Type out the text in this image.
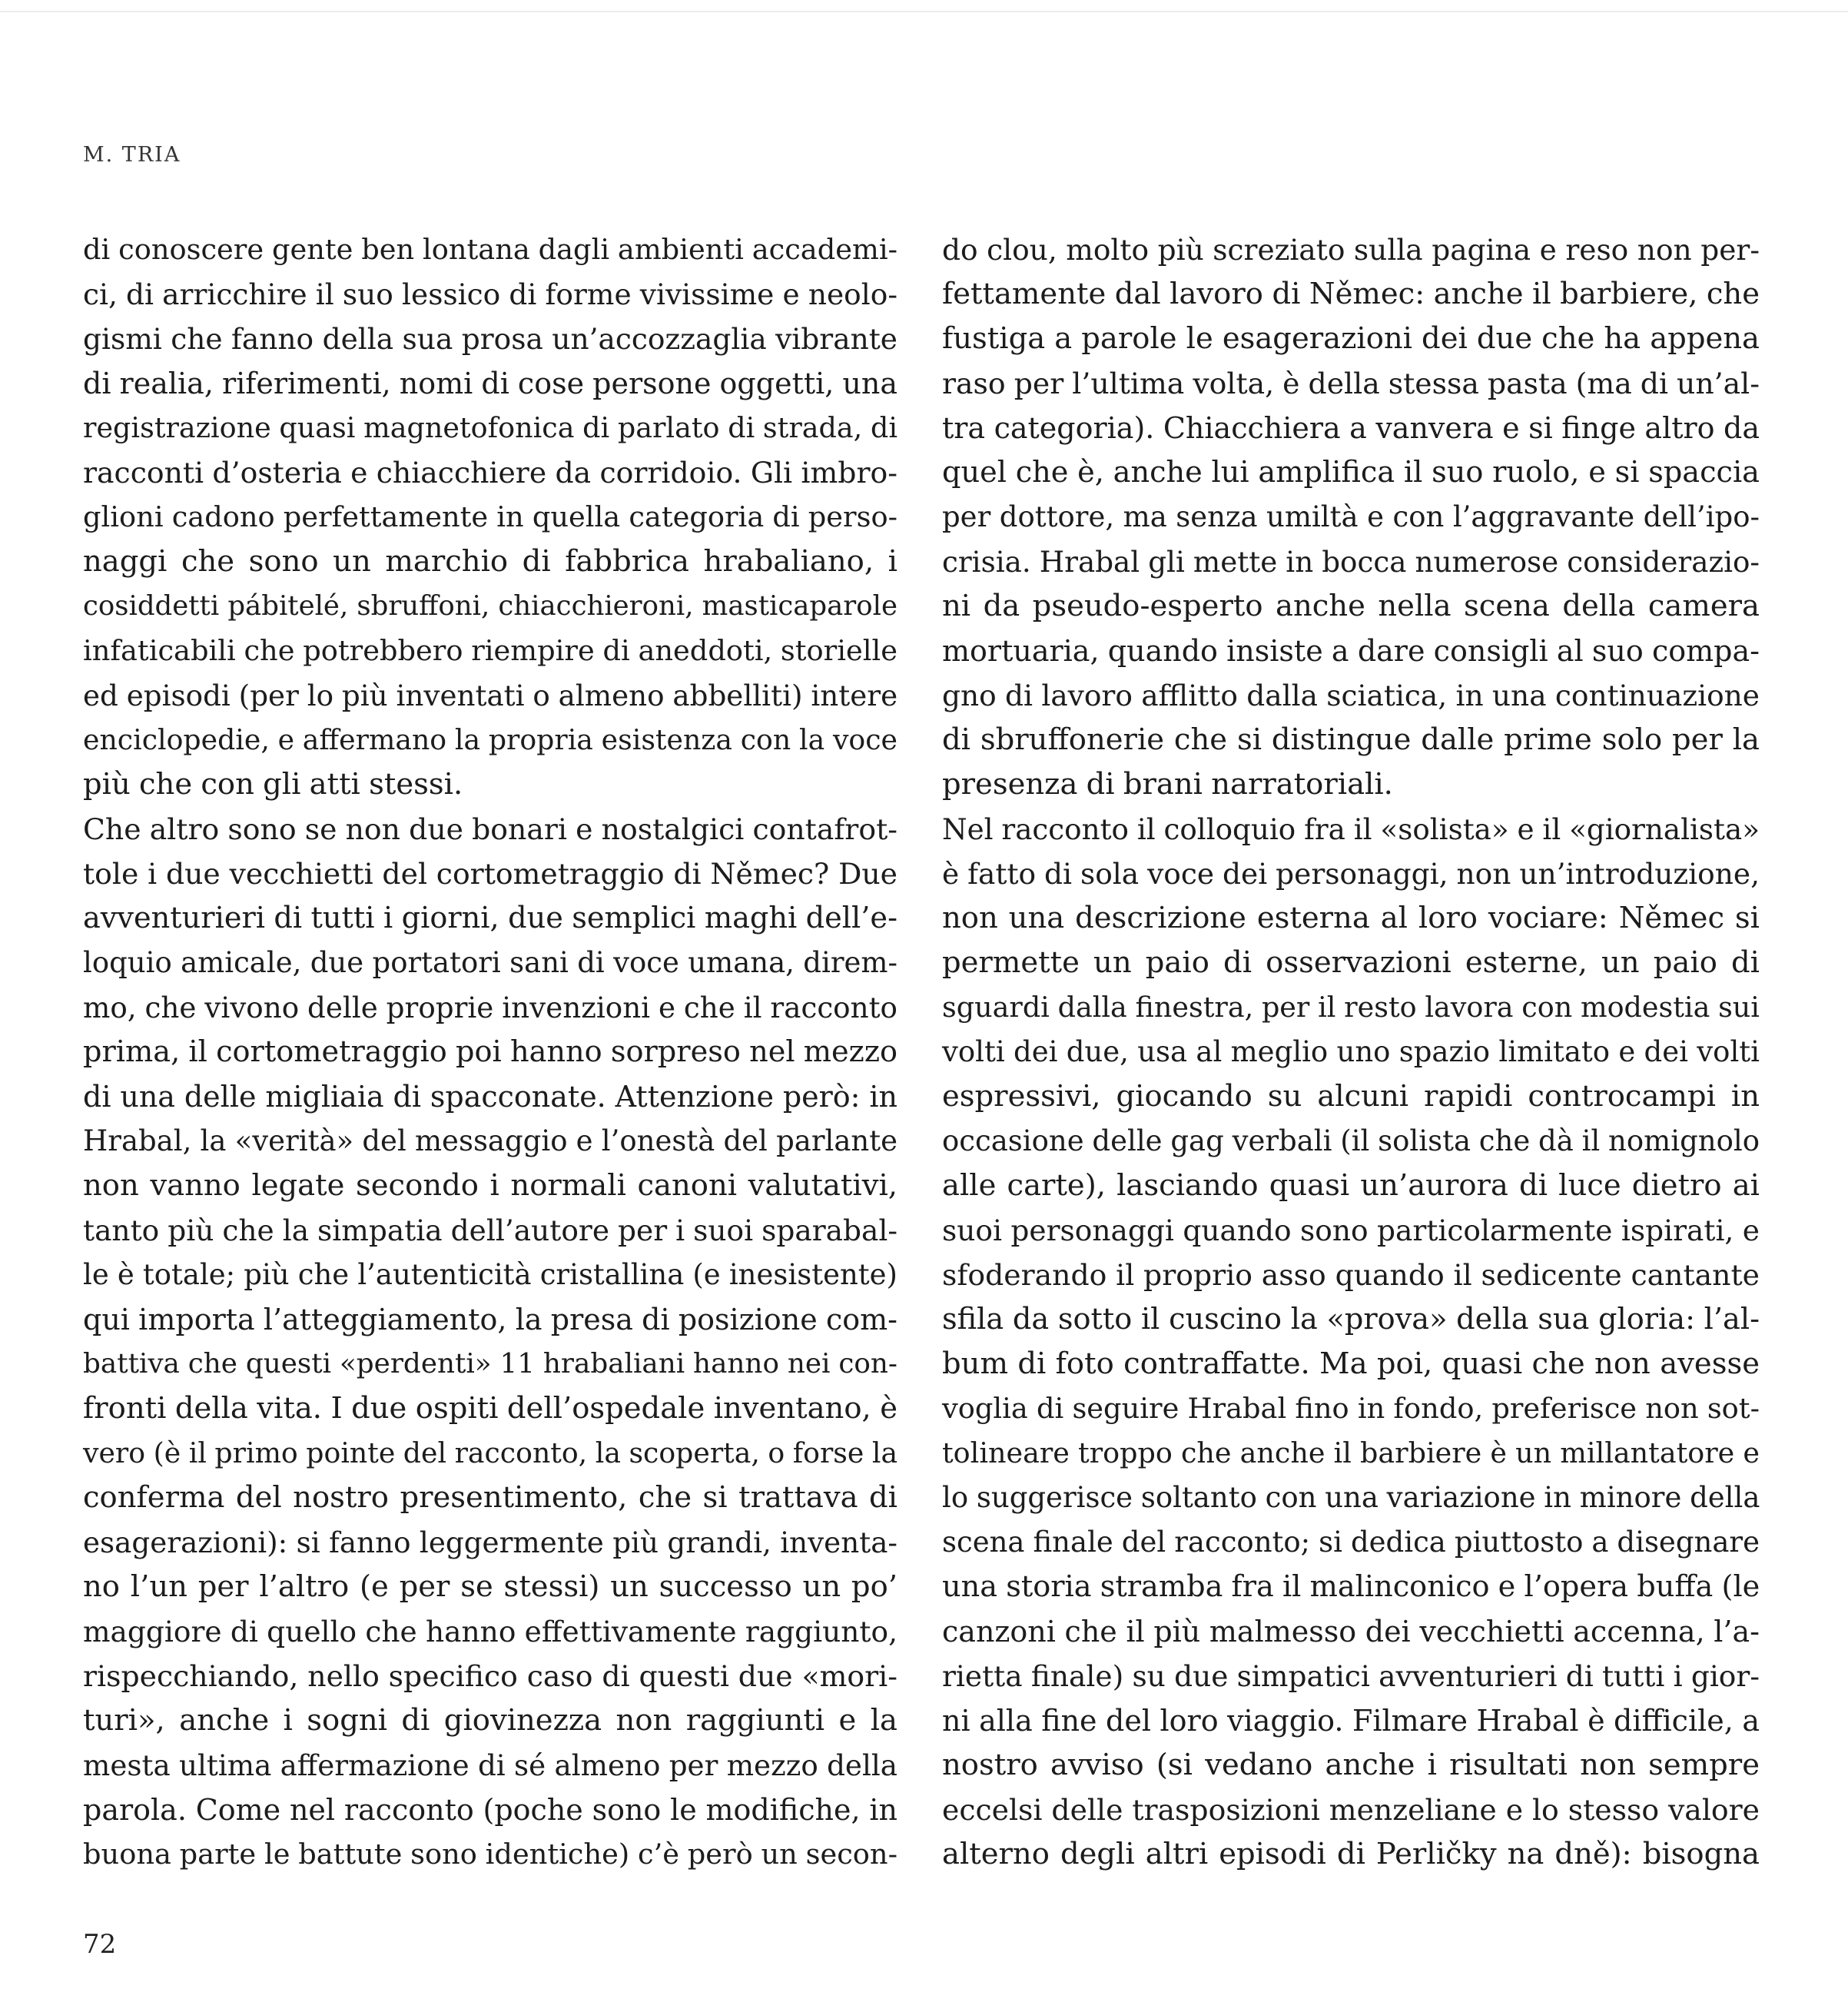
M. TRIA
di conoscere gente ben lontana dagli ambienti accademi-
ci, di arricchire il suo lessico di forme vivissime e neolo-
gismi che fanno della sua prosa un’accozzaglia vibrante
di realia, riferimenti, nomi di cose persone oggetti, una
registrazione quasi magnetofonica di parlato di strada, di
racconti d’osteria e chiacchiere da corridoio. Gli imbro-
glioni cadono perfettamente in quella categoria di perso-
naggi che sono un marchio di fabbrica hrabaliano, i
cosiddetti pábitelé, sbruffoni, chiacchieroni, masticaparole
infaticabili che potrebbero riempire di aneddoti, storielle
ed episodi (per lo più inventati o almeno abbelliti) intere
enciclopedie, e affermano la propria esistenza con la voce
più che con gli atti stessi.
Che altro sono se non due bonari e nostalgici contafrot-
tole i due vecchietti del cortometraggio di Němec? Due
avventurieri di tutti i giorni, due semplici maghi dell’e-
loquio amicale, due portatori sani di voce umana, direm-
mo, che vivono delle proprie invenzioni e che il racconto
prima, il cortometraggio poi hanno sorpreso nel mezzo
di una delle migliaia di spacconate. Attenzione però: in
Hrabal, la «verità» del messaggio e l’onestà del parlante
non vanno legate secondo i normali canoni valutativi,
tanto più che la simpatia dell’autore per i suoi sparabal-
le è totale; più che l’autenticità cristallina (e inesistente)
qui importa l’atteggiamento, la presa di posizione com-
battiva che questi «perdenti» 11 hrabaliani hanno nei con-
fronti della vita. I due ospiti dell’ospedale inventano, è
vero (è il primo pointe del racconto, la scoperta, o forse la
conferma del nostro presentimento, che si trattava di
esagerazioni): si fanno leggermente più grandi, inventa-
no l’un per l’altro (e per se stessi) un successo un po’
maggiore di quello che hanno effettivamente raggiunto,
rispecchiando, nello specifico caso di questi due «mori-
turi», anche i sogni di giovinezza non raggiunti e la
mesta ultima affermazione di sé almeno per mezzo della
parola. Come nel racconto (poche sono le modifiche, in
buona parte le battute sono identiche) c’è però un secon-
do clou, molto più screziato sulla pagina e reso non per-
fettamente dal lavoro di Němec: anche il barbiere, che
fustiga a parole le esagerazioni dei due che ha appena
raso per l’ultima volta, è della stessa pasta (ma di un’al-
tra categoria). Chiacchiera a vanvera e si finge altro da
quel che è, anche lui amplifica il suo ruolo, e si spaccia
per dottore, ma senza umiltà e con l’aggravante dell’ipo-
crisia. Hrabal gli mette in bocca numerose considerazio-
ni da pseudo-esperto anche nella scena della camera
mortuaria, quando insiste a dare consigli al suo compa-
gno di lavoro afflitto dalla sciatica, in una continuazione
di sbruffonerie che si distingue dalle prime solo per la
presenza di brani narratoriali.
Nel racconto il colloquio fra il «solista» e il «giornalista»
è fatto di sola voce dei personaggi, non un’introduzione,
non una descrizione esterna al loro vociare: Němec si
permette un paio di osservazioni esterne, un paio di
sguardi dalla finestra, per il resto lavora con modestia sui
volti dei due, usa al meglio uno spazio limitato e dei volti
espressivi, giocando su alcuni rapidi controcampi in
occasione delle gag verbali (il solista che dà il nomignolo
alle carte), lasciando quasi un’aurora di luce dietro ai
suoi personaggi quando sono particolarmente ispirati, e
sfoderando il proprio asso quando il sedicente cantante
sfila da sotto il cuscino la «prova» della sua gloria: l’al-
bum di foto contraffatte. Ma poi, quasi che non avesse
voglia di seguire Hrabal fino in fondo, preferisce non sot-
tolineare troppo che anche il barbiere è un millantatore e
lo suggerisce soltanto con una variazione in minore della
scena finale del racconto; si dedica piuttosto a disegnare
una storia stramba fra il malinconico e l’opera buffa (le
canzoni che il più malmesso dei vecchietti accenna, l’a-
rietta finale) su due simpatici avventurieri di tutti i gior-
ni alla fine del loro viaggio. Filmare Hrabal è difficile, a
nostro avviso (si vedano anche i risultati non sempre
eccelsi delle trasposizioni menzeliane e lo stesso valore
alterno degli altri episodi di Perličky na dně): bisogna
72
